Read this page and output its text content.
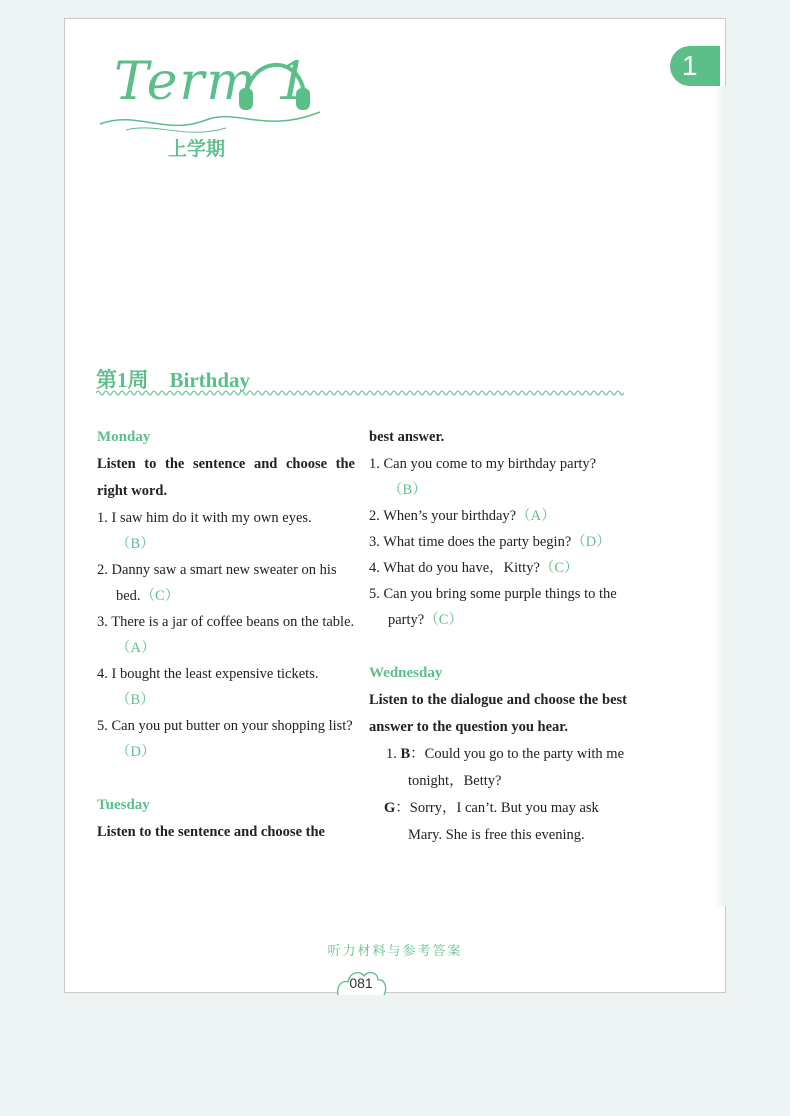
1
Term 1
上学期
第1周　Birthday
Monday
Listen to the sentence and choose the right word.
1. I saw him do it with my own eyes.
（B）
2. Danny saw a smart new sweater on his bed.（C）
3. There is a jar of coffee beans on the table.（A）
4. I bought the least expensive tickets.
（B）
5. Can you put butter on your shopping list?（D）
Tuesday
Listen to the sentence and choose the
best answer.
1. Can you come to my birthday party?
（B）
2. When’s your birthday?（A）
3. What time does the party begin?（D）
4. What do you have，Kitty?（C）
5. Can you bring some purple things to the party?（C）
Wednesday
Listen to the dialogue and choose the best answer to the question you hear.
1. B：Could you go to the party with me tonight，Betty?
G：Sorry，I can’t. But you may ask Mary. She is free this evening.
听力材料与参考答案
081
